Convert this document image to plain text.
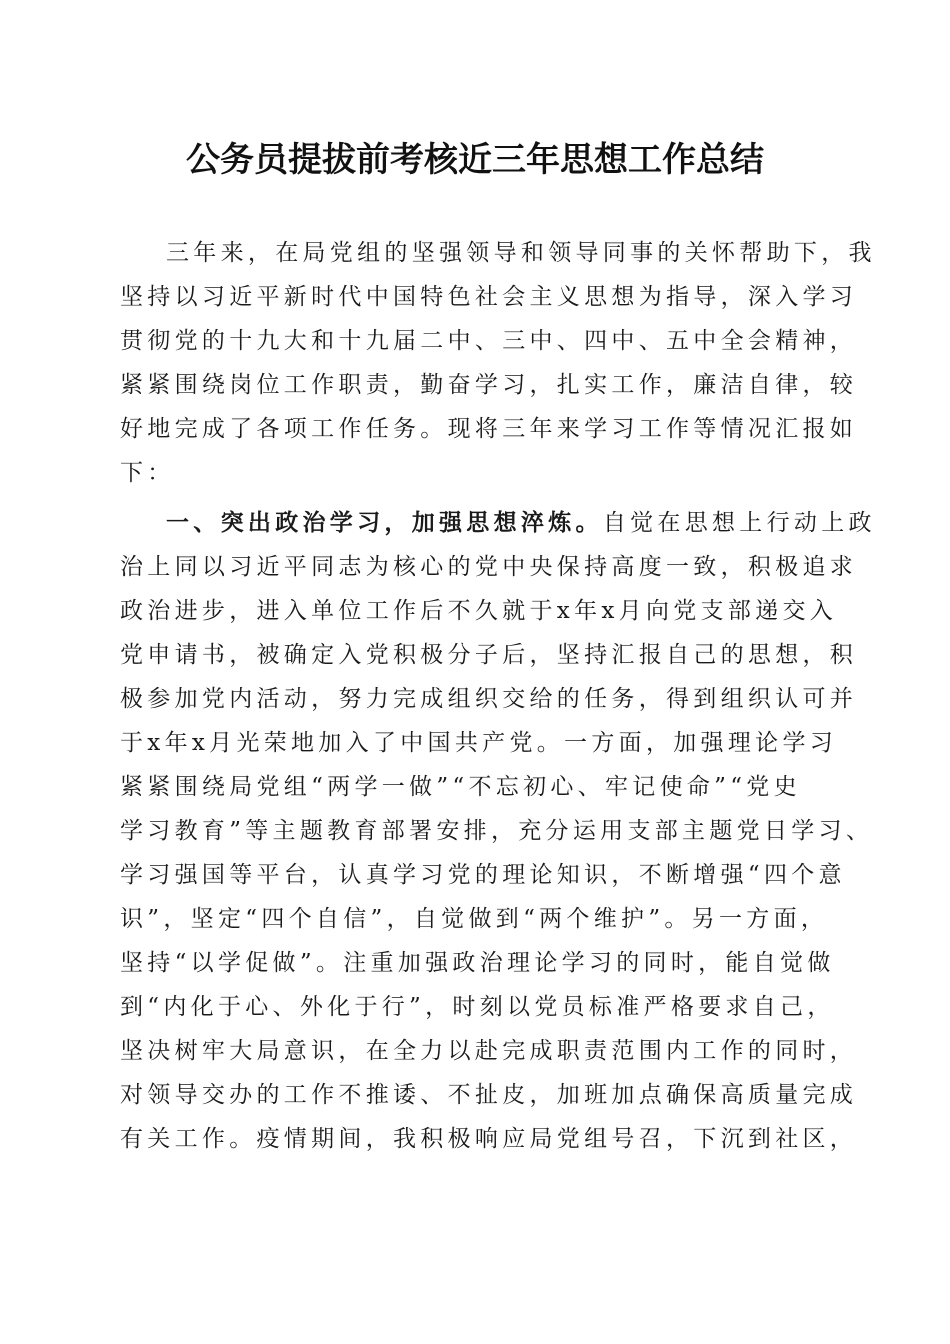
公务员提拔前考核近三年思想工作总结
三年来，在局党组的坚强领导和领导同事的关怀帮助下，我
坚持以习近平新时代中国特色社会主义思想为指导，深入学习
贯彻党的十九大和十九届二中、三中、四中、五中全会精神，
紧紧围绕岗位工作职责，勤奋学习，扎实工作，廉洁自律，较
好地完成了各项工作任务。现将三年来学习工作等情况汇报如
下：
一、突出政治学习，加强思想淬炼。自觉在思想上行动上政
治上同以习近平同志为核心的党中央保持高度一致，积极追求
政治进步，进入单位工作后不久就于x年x月向党支部递交入
党申请书，被确定入党积极分子后，坚持汇报自己的思想，积
极参加党内活动，努力完成组织交给的任务，得到组织认可并
于x年x月光荣地加入了中国共产党。一方面，加强理论学习
紧紧围绕局党组“两学一做”“不忘初心、牢记使命”“党史
学习教育”等主题教育部署安排，充分运用支部主题党日学习、
学习强国等平台，认真学习党的理论知识，不断增强“四个意
识”，坚定“四个自信”，自觉做到“两个维护”。另一方面，
坚持“以学促做”。注重加强政治理论学习的同时，能自觉做
到“内化于心、外化于行”，时刻以党员标准严格要求自己，
坚决树牢大局意识，在全力以赴完成职责范围内工作的同时，
对领导交办的工作不推诿、不扯皮，加班加点确保高质量完成
有关工作。疫情期间，我积极响应局党组号召，下沉到社区，
